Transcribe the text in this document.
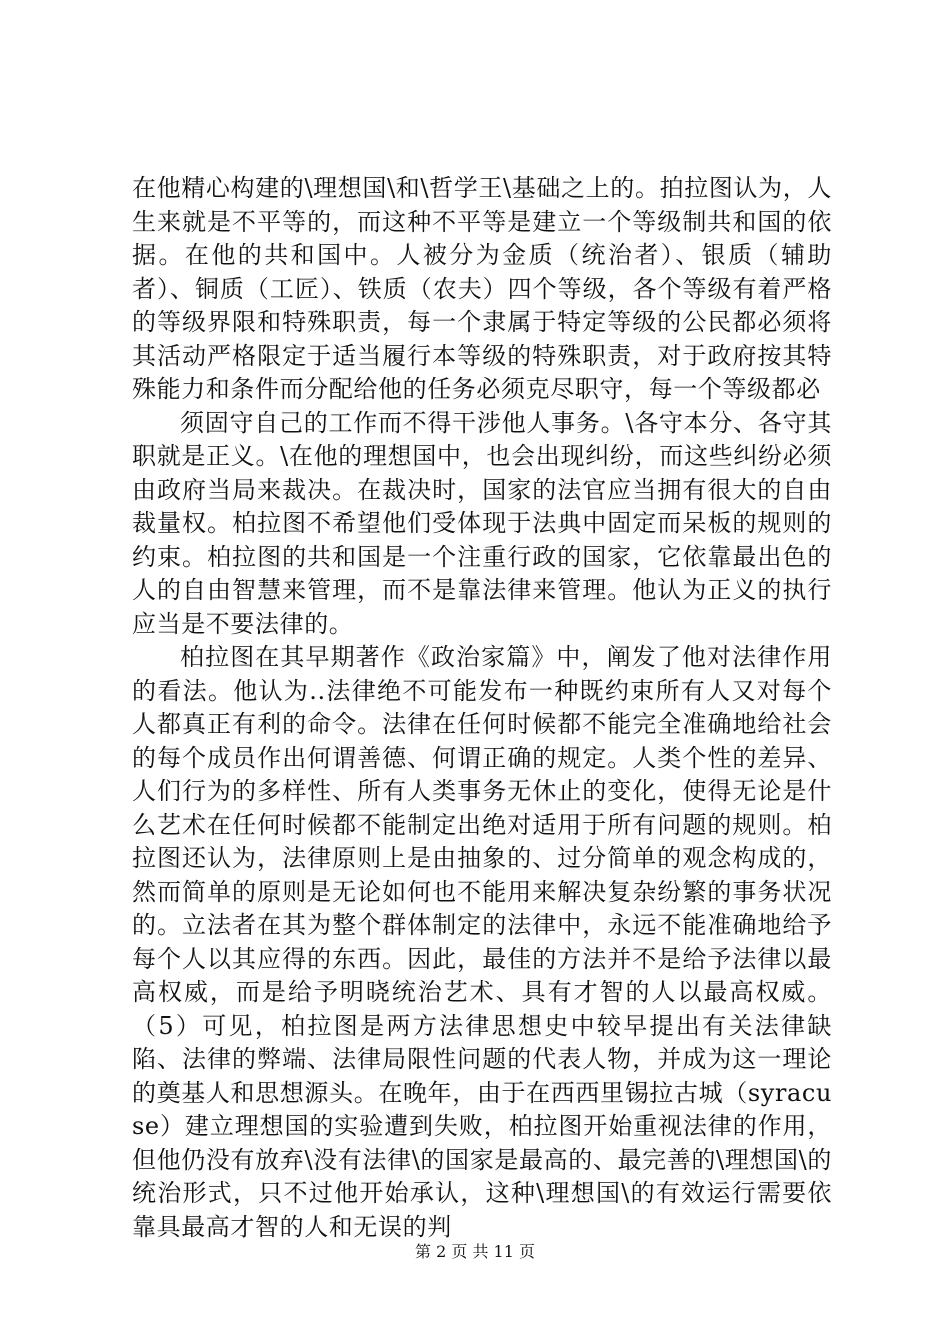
在他精心构建的\理想国\和\哲学王\基础之上的。拍拉图认为，人生来就是不平等的，而这种不平等是建立一个等级制共和国的依据。在他的共和国中。人被分为金质（统治者）、银质（辅助者）、铜质（工匠）、铁质（农夫）四个等级，各个等级有着严格的等级界限和特殊职责，每一个隶属于特定等级的公民都必须将其活动严格限定于适当履行本等级的特殊职责，对于政府按其特殊能力和条件而分配给他的任务必须克尽职守，每一个等级都必

须固守自己的工作而不得干涉他人事务。\各守本分、各守其职就是正义。\在他的理想国中，也会出现纠纷，而这些纠纷必须由政府当局来裁决。在裁决时，国家的法官应当拥有很大的自由裁量权。柏拉图不希望他们受体现于法典中固定而呆板的规则的约束。柏拉图的共和国是一个注重行政的国家，它依靠最出色的人的自由智慧来管理，而不是靠法律来管理。他认为正义的执行应当是不要法律的。

柏拉图在其早期著作《政治家篇》中，阐发了他对法律作用的看法。他认为..法律绝不可能发布一种既约束所有人又对每个人都真正有利的命令。法律在任何时候都不能完全准确地给社会的每个成员作出何谓善德、何谓正确的规定。人类个性的差异、人们行为的多样性、所有人类事务无休止的变化，使得无论是什么艺术在任何时候都不能制定出绝对适用于所有问题的规则。柏拉图还认为，法律原则上是由抽象的、过分简单的观念构成的，然而简单的原则是无论如何也不能用来解决复杂纷繁的事务状况的。立法者在其为整个群体制定的法律中，永远不能准确地给予每个人以其应得的东西。因此，最佳的方法并不是给予法律以最高权威，而是给予明晓统治艺术、具有才智的人以最高权威。（5）可见，柏拉图是两方法律思想史中较早提出有关法律缺陷、法律的弊端、法律局限性问题的代表人物，并成为这一理论的奠基人和思想源头。在晚年，由于在西西里锡拉古城（syracuse）建立理想国的实验遭到失败，柏拉图开始重视法律的作用，但他仍没有放弃\没有法律\的国家是最高的、最完善的\理想国\的统治形式，只不过他开始承认，这种\理想国\的有效运行需要依靠具最高才智的人和无误的判

第 2 页 共 11 页
